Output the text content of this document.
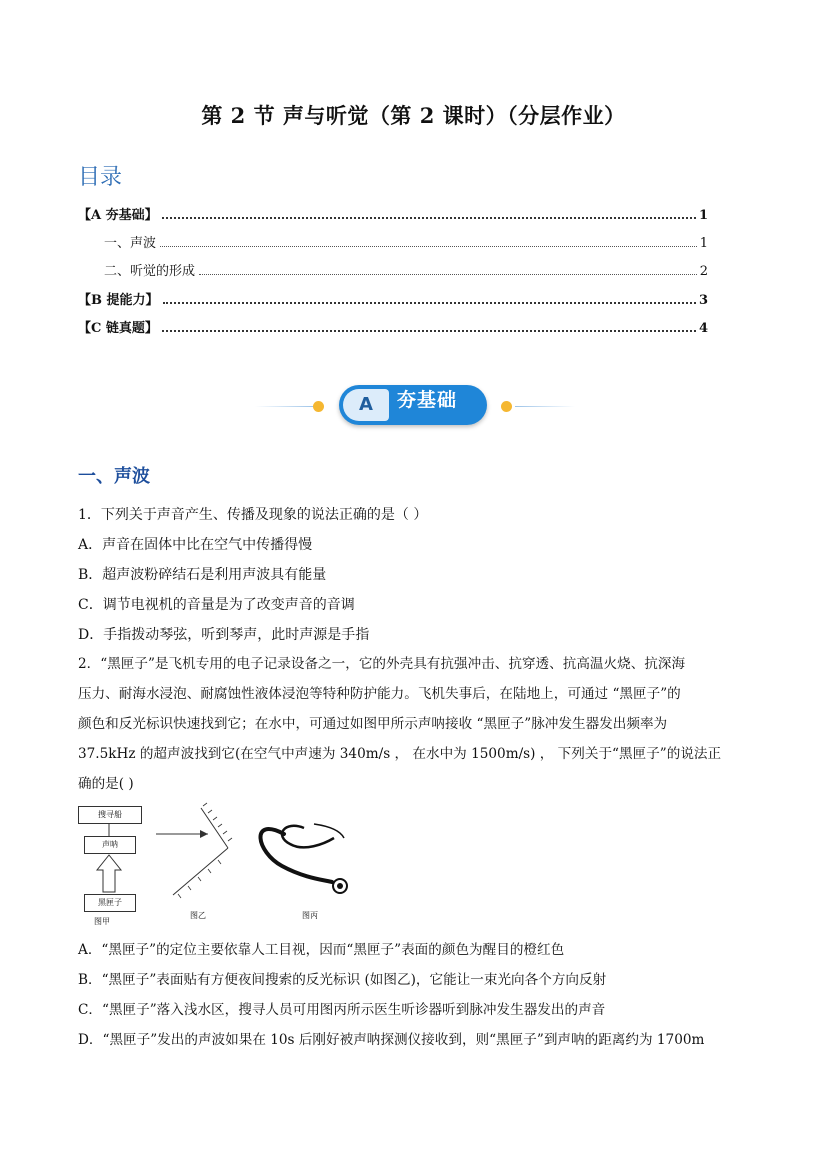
第 2 节 声与听觉（第 2 课时）（分层作业）
目录
【A 夯基础】	1
一、声波	1
二、听觉的形成	2
【B 提能力】	3
【C 链真题】	4
A	夯基础
一、声波
1．下列关于声音产生、传播及现象的说法正确的是（ ）
A．声音在固体中比在空气中传播得慢
B．超声波粉碎结石是利用声波具有能量
C．调节电视机的音量是为了改变声音的音调
D．手指拨动琴弦，听到琴声，此时声源是手指
2．“黑匣子”是飞机专用的电子记录设备之一，它的外壳具有抗强冲击、抗穿透、抗高温火烧、抗深海
压力、耐海水浸泡、耐腐蚀性液体浸泡等特种防护能力。飞机失事后，在陆地上，可通过 “黑匣子”的
颜色和反光标识快速找到它；在水中，可通过如图甲所示声呐接收 “黑匣子”脉冲发生器发出频率为
37.5kHz 的超声波找到它(在空气中声速为 340m/s ， 在水中为 1500m/s) ， 下列关于“黑匣子”的说法正
确的是( )
搜寻船
声呐
黑匣子
图甲
图乙	图丙
A．“黑匣子”的定位主要依靠人工目视，因而“黑匣子”表面的颜色为醒目的橙红色
B．“黑匣子”表面贴有方便夜间搜索的反光标识 (如图乙)，它能让一束光向各个方向反射
C．“黑匣子”落入浅水区，搜寻人员可用图丙所示医生听诊器听到脉冲发生器发出的声音
D．“黑匣子”发出的声波如果在 10s 后刚好被声呐探测仪接收到，则“黑匣子”到声呐的距离约为 1700m
